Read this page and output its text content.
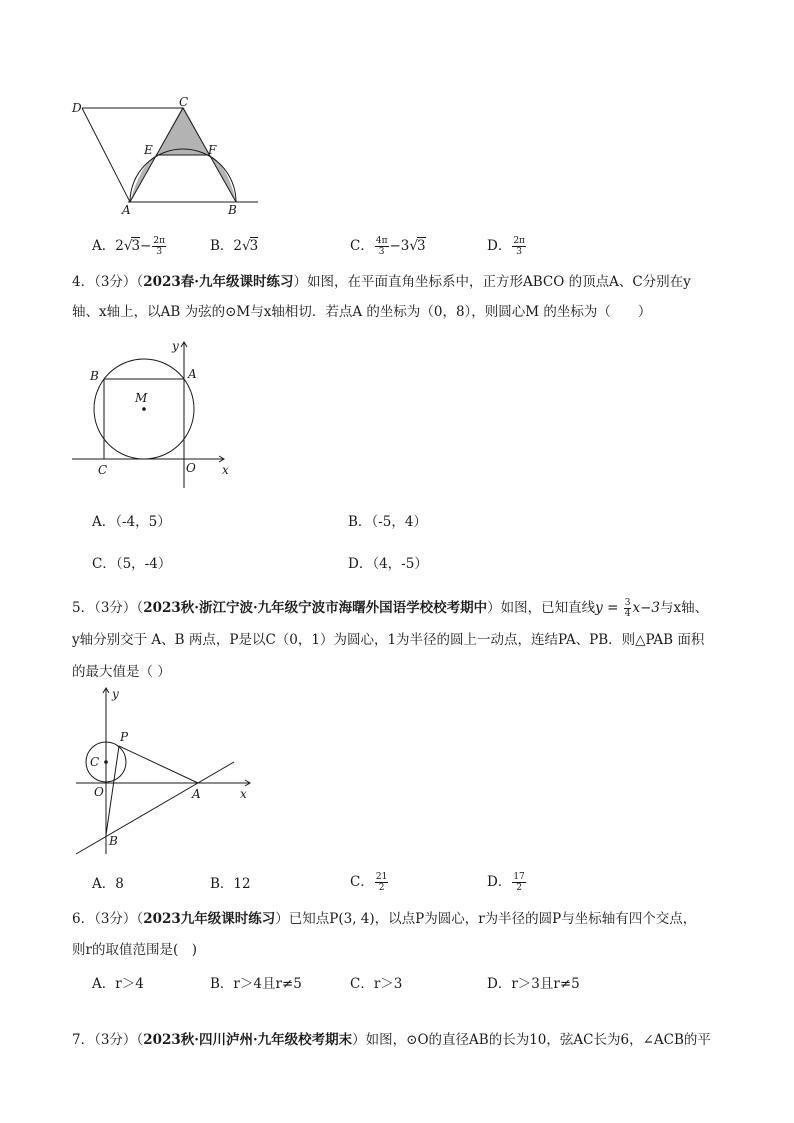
D	C
E	F
A	B
A．$2√3- \frac{2\pi}{3}$	B．2√3	C． $\frac{4\pi}{3} -3√3$	D． $\frac{2\pi}{3}$
4．（3分）（2023春·九年级课时练习）如图，在平面直角坐标系中，正方形ABCO 的顶点A、C分别在y
轴、x轴上，以AB 为弦的⊙M与x轴相切．若点A 的坐标为（0，8），则圆心M 的坐标为（　　）
y
B	A
M
C	O x
A．（-4，5）	B．（-5，4）
C．（5，-4）	D．（4，-5）
5．（3分）（2023秋·浙江宁波·九年级宁波市海曙外国语学校校考期中）如图，已知直线$y = \frac{3}{4} x-3$与x轴、
y轴分别交于 A、B 两点，P是以C（0，1）为圆心，1为半径的圆上一动点，连结PA、PB．则△PAB 面积
的最大值是（ ）
y
P
C
O	A	x
B
A．8	B．12	C． $\frac{21}{2}$	D． $\frac{17}{2}$
6．（3分）（2023九年级课时练习）已知点P(3, 4)，以点P为圆心，r为半径的圆P与坐标轴有四个交点，
则r的取值范围是(　)
A．r＞4	B．r＞4且r≠5	C．r＞3	D．r＞3且r≠5
7．（3分）（2023秋·四川泸州·九年级校考期末）如图，⊙O的直径AB的长为10，弦AC长为6，∠ACB的平
